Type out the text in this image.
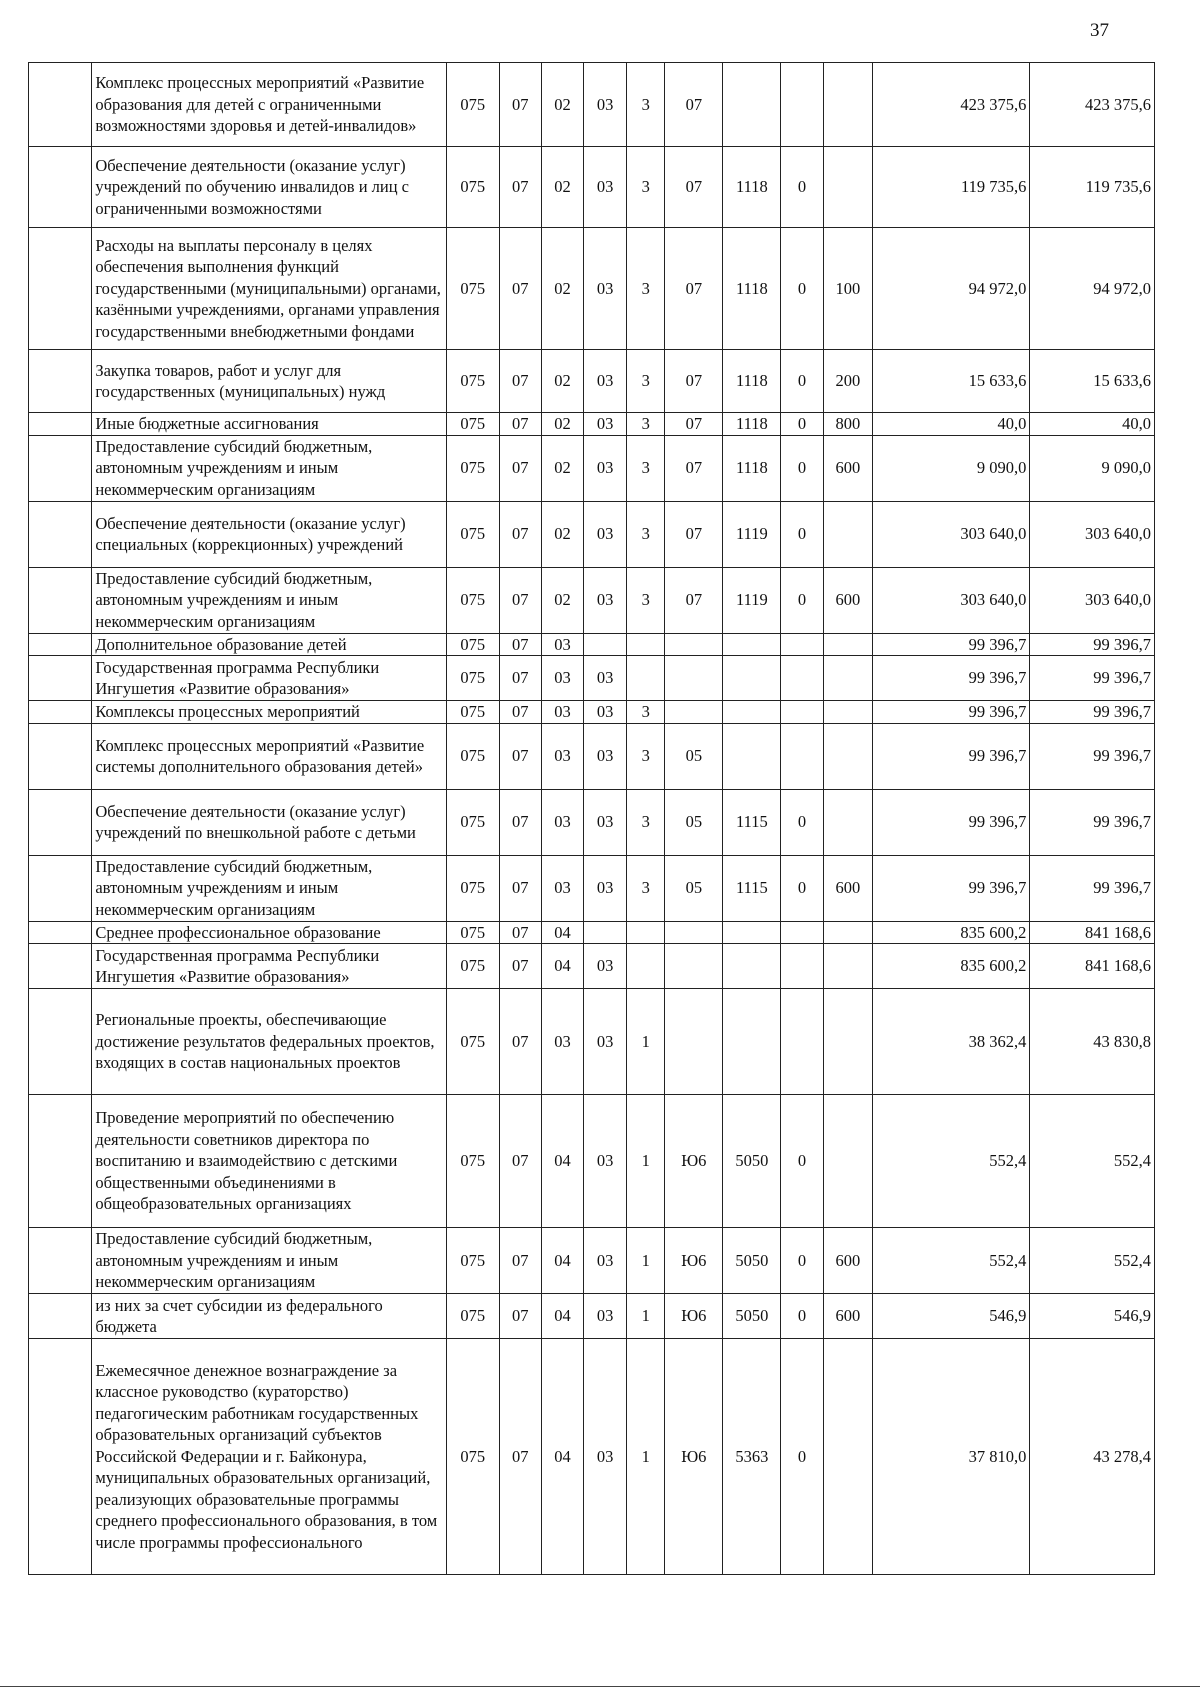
37
	Комплекс процессных мероприятий «Развитие образования для детей с ограниченными возможностями здоровья и детей-инвалидов»	075	07	02	03	3	07				423 375,6	423 375,6
	Обеспечение деятельности (оказание услуг) учреждений по обучению инвалидов и лиц с ограниченными возможностями	075	07	02	03	3	07	1118	0		119 735,6	119 735,6
	Расходы на выплаты персоналу в целях обеспечения выполнения функций государственными (муниципальными) органами, казёнными учреждениями, органами управления государственными внебюджетными фондами	075	07	02	03	3	07	1118	0	100	94 972,0	94 972,0
	Закупка товаров, работ и услуг для государственных (муниципальных) нужд	075	07	02	03	3	07	1118	0	200	15 633,6	15 633,6
	Иные бюджетные ассигнования	075	07	02	03	3	07	1118	0	800	40,0	40,0
	Предоставление субсидий бюджетным, автономным учреждениям и иным некоммерческим организациям	075	07	02	03	3	07	1118	0	600	9 090,0	9 090,0
	Обеспечение деятельности (оказание услуг) специальных (коррекционных) учреждений	075	07	02	03	3	07	1119	0		303 640,0	303 640,0
	Предоставление субсидий бюджетным, автономным учреждениям и иным некоммерческим организациям	075	07	02	03	3	07	1119	0	600	303 640,0	303 640,0
	Дополнительное образование детей	075	07	03							99 396,7	99 396,7
	Государственная программа Республики Ингушетия «Развитие образования»	075	07	03	03						99 396,7	99 396,7
	Комплексы процессных мероприятий	075	07	03	03	3					99 396,7	99 396,7
	Комплекс процессных мероприятий «Развитие системы дополнительного образования детей»	075	07	03	03	3	05				99 396,7	99 396,7
	Обеспечение деятельности (оказание услуг) учреждений по внешкольной работе с детьми	075	07	03	03	3	05	1115	0		99 396,7	99 396,7
	Предоставление субсидий бюджетным, автономным учреждениям и иным некоммерческим организациям	075	07	03	03	3	05	1115	0	600	99 396,7	99 396,7
	Среднее профессиональное образование	075	07	04							835 600,2	841 168,6
	Государственная программа Республики Ингушетия «Развитие образования»	075	07	04	03						835 600,2	841 168,6
	Региональные проекты, обеспечивающие достижение результатов федеральных проектов, входящих в состав национальных проектов	075	07	03	03	1					38 362,4	43 830,8
	Проведение мероприятий по обеспечению деятельности советников директора по воспитанию и взаимодействию с детскими общественными объединениями в общеобразовательных организациях	075	07	04	03	1	Ю6	5050	0		552,4	552,4
	Предоставление субсидий бюджетным, автономным учреждениям и иным некоммерческим организациям	075	07	04	03	1	Ю6	5050	0	600	552,4	552,4
	из них за счет субсидии из федерального бюджета	075	07	04	03	1	Ю6	5050	0	600	546,9	546,9
	Ежемесячное денежное вознаграждение за классное руководство (кураторство) педагогическим работникам государственных образовательных организаций субъектов Российской Федерации и г. Байконура, муниципальных образовательных организаций, реализующих образовательные программы среднего профессионального образования, в том числе программы профессионального	075	07	04	03	1	Ю6	5363	0		37 810,0	43 278,4
